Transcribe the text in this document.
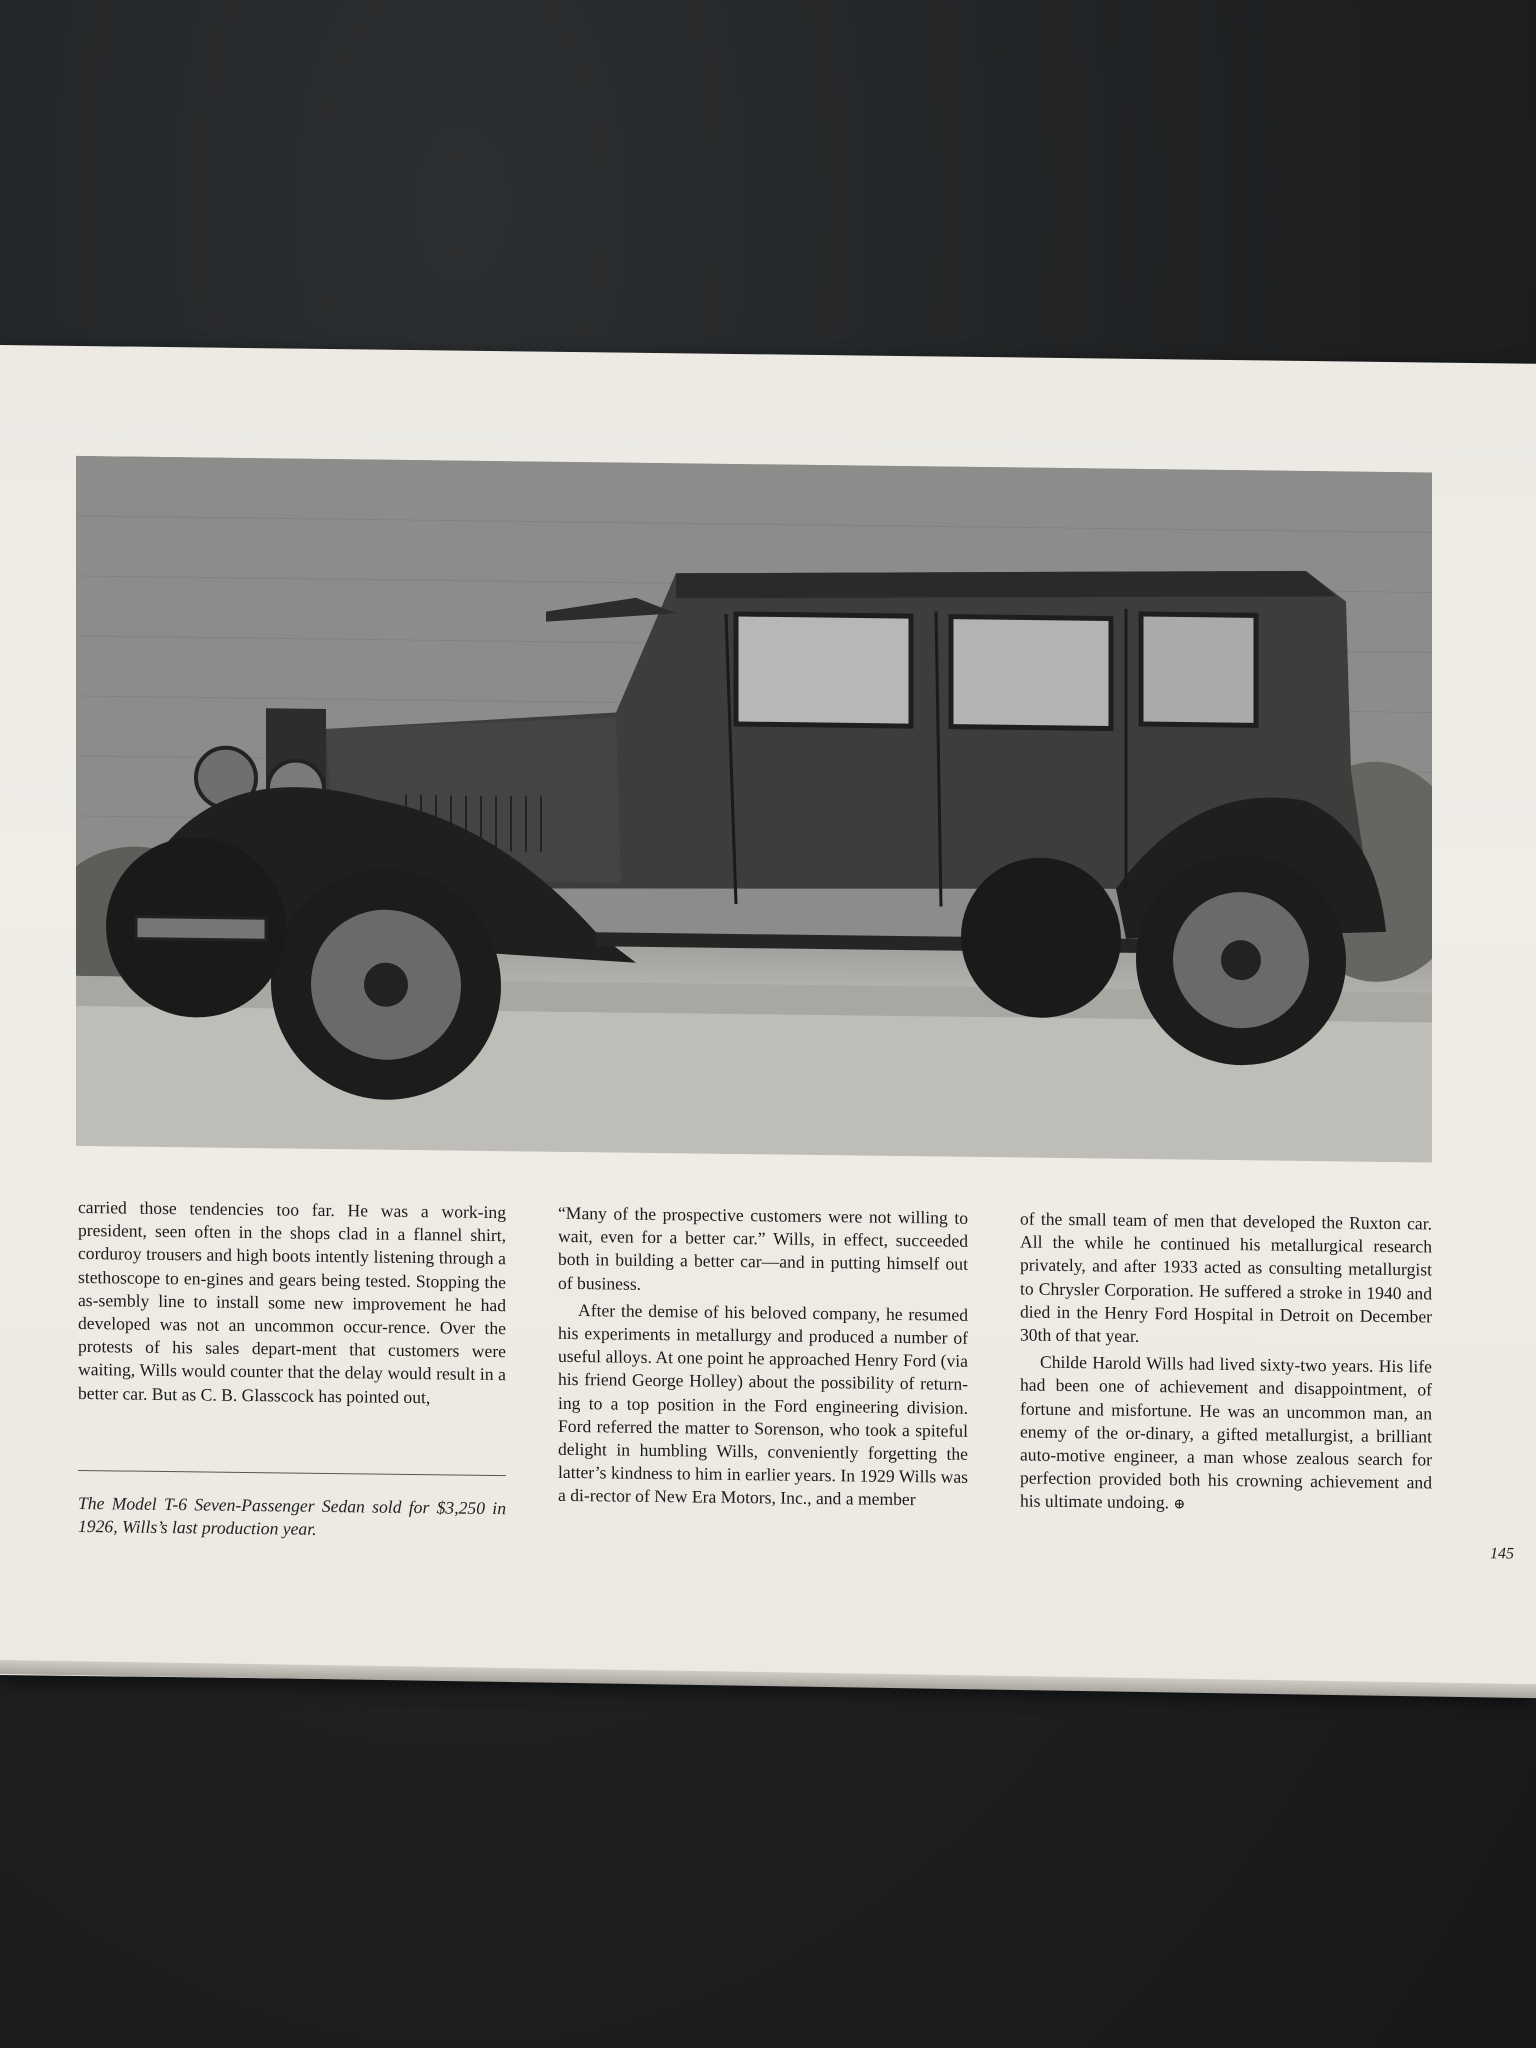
carried those tendencies too far. He was a work-ing president, seen often in the shops clad in a flannel shirt, corduroy trousers and high boots intently listening through a stethoscope to en-gines and gears being tested. Stopping the as-sembly line to install some new improvement he had developed was not an uncommon occur-rence. Over the protests of his sales depart-ment that customers were waiting, Wills would counter that the delay would result in a better car. But as C. B. Glasscock has pointed out,

The Model T-6 Seven-Passenger Sedan sold for $3,250 in 1926, Wills’s last production year.

“Many of the prospective customers were not willing to wait, even for a better car.” Wills, in effect, succeeded both in building a better car—and in putting himself out of business.

After the demise of his beloved company, he resumed his experiments in metallurgy and produced a number of useful alloys. At one point he approached Henry Ford (via his friend George Holley) about the possibility of return-ing to a top position in the Ford engineering division. Ford referred the matter to Sorenson, who took a spiteful delight in humbling Wills, conveniently forgetting the latter’s kindness to him in earlier years. In 1929 Wills was a di-rector of New Era Motors, Inc., and a member

of the small team of men that developed the Ruxton car. All the while he continued his metallurgical research privately, and after 1933 acted as consulting metallurgist to Chrysler Corporation. He suffered a stroke in 1940 and died in the Henry Ford Hospital in Detroit on December 30th of that year.

Childe Harold Wills had lived sixty-two years. His life had been one of achievement and disappointment, of fortune and misfortune. He was an uncommon man, an enemy of the or-dinary, a gifted metallurgist, a brilliant auto-motive engineer, a man whose zealous search for perfection provided both his crowning achievement and his ultimate undoing. ⊕

145
